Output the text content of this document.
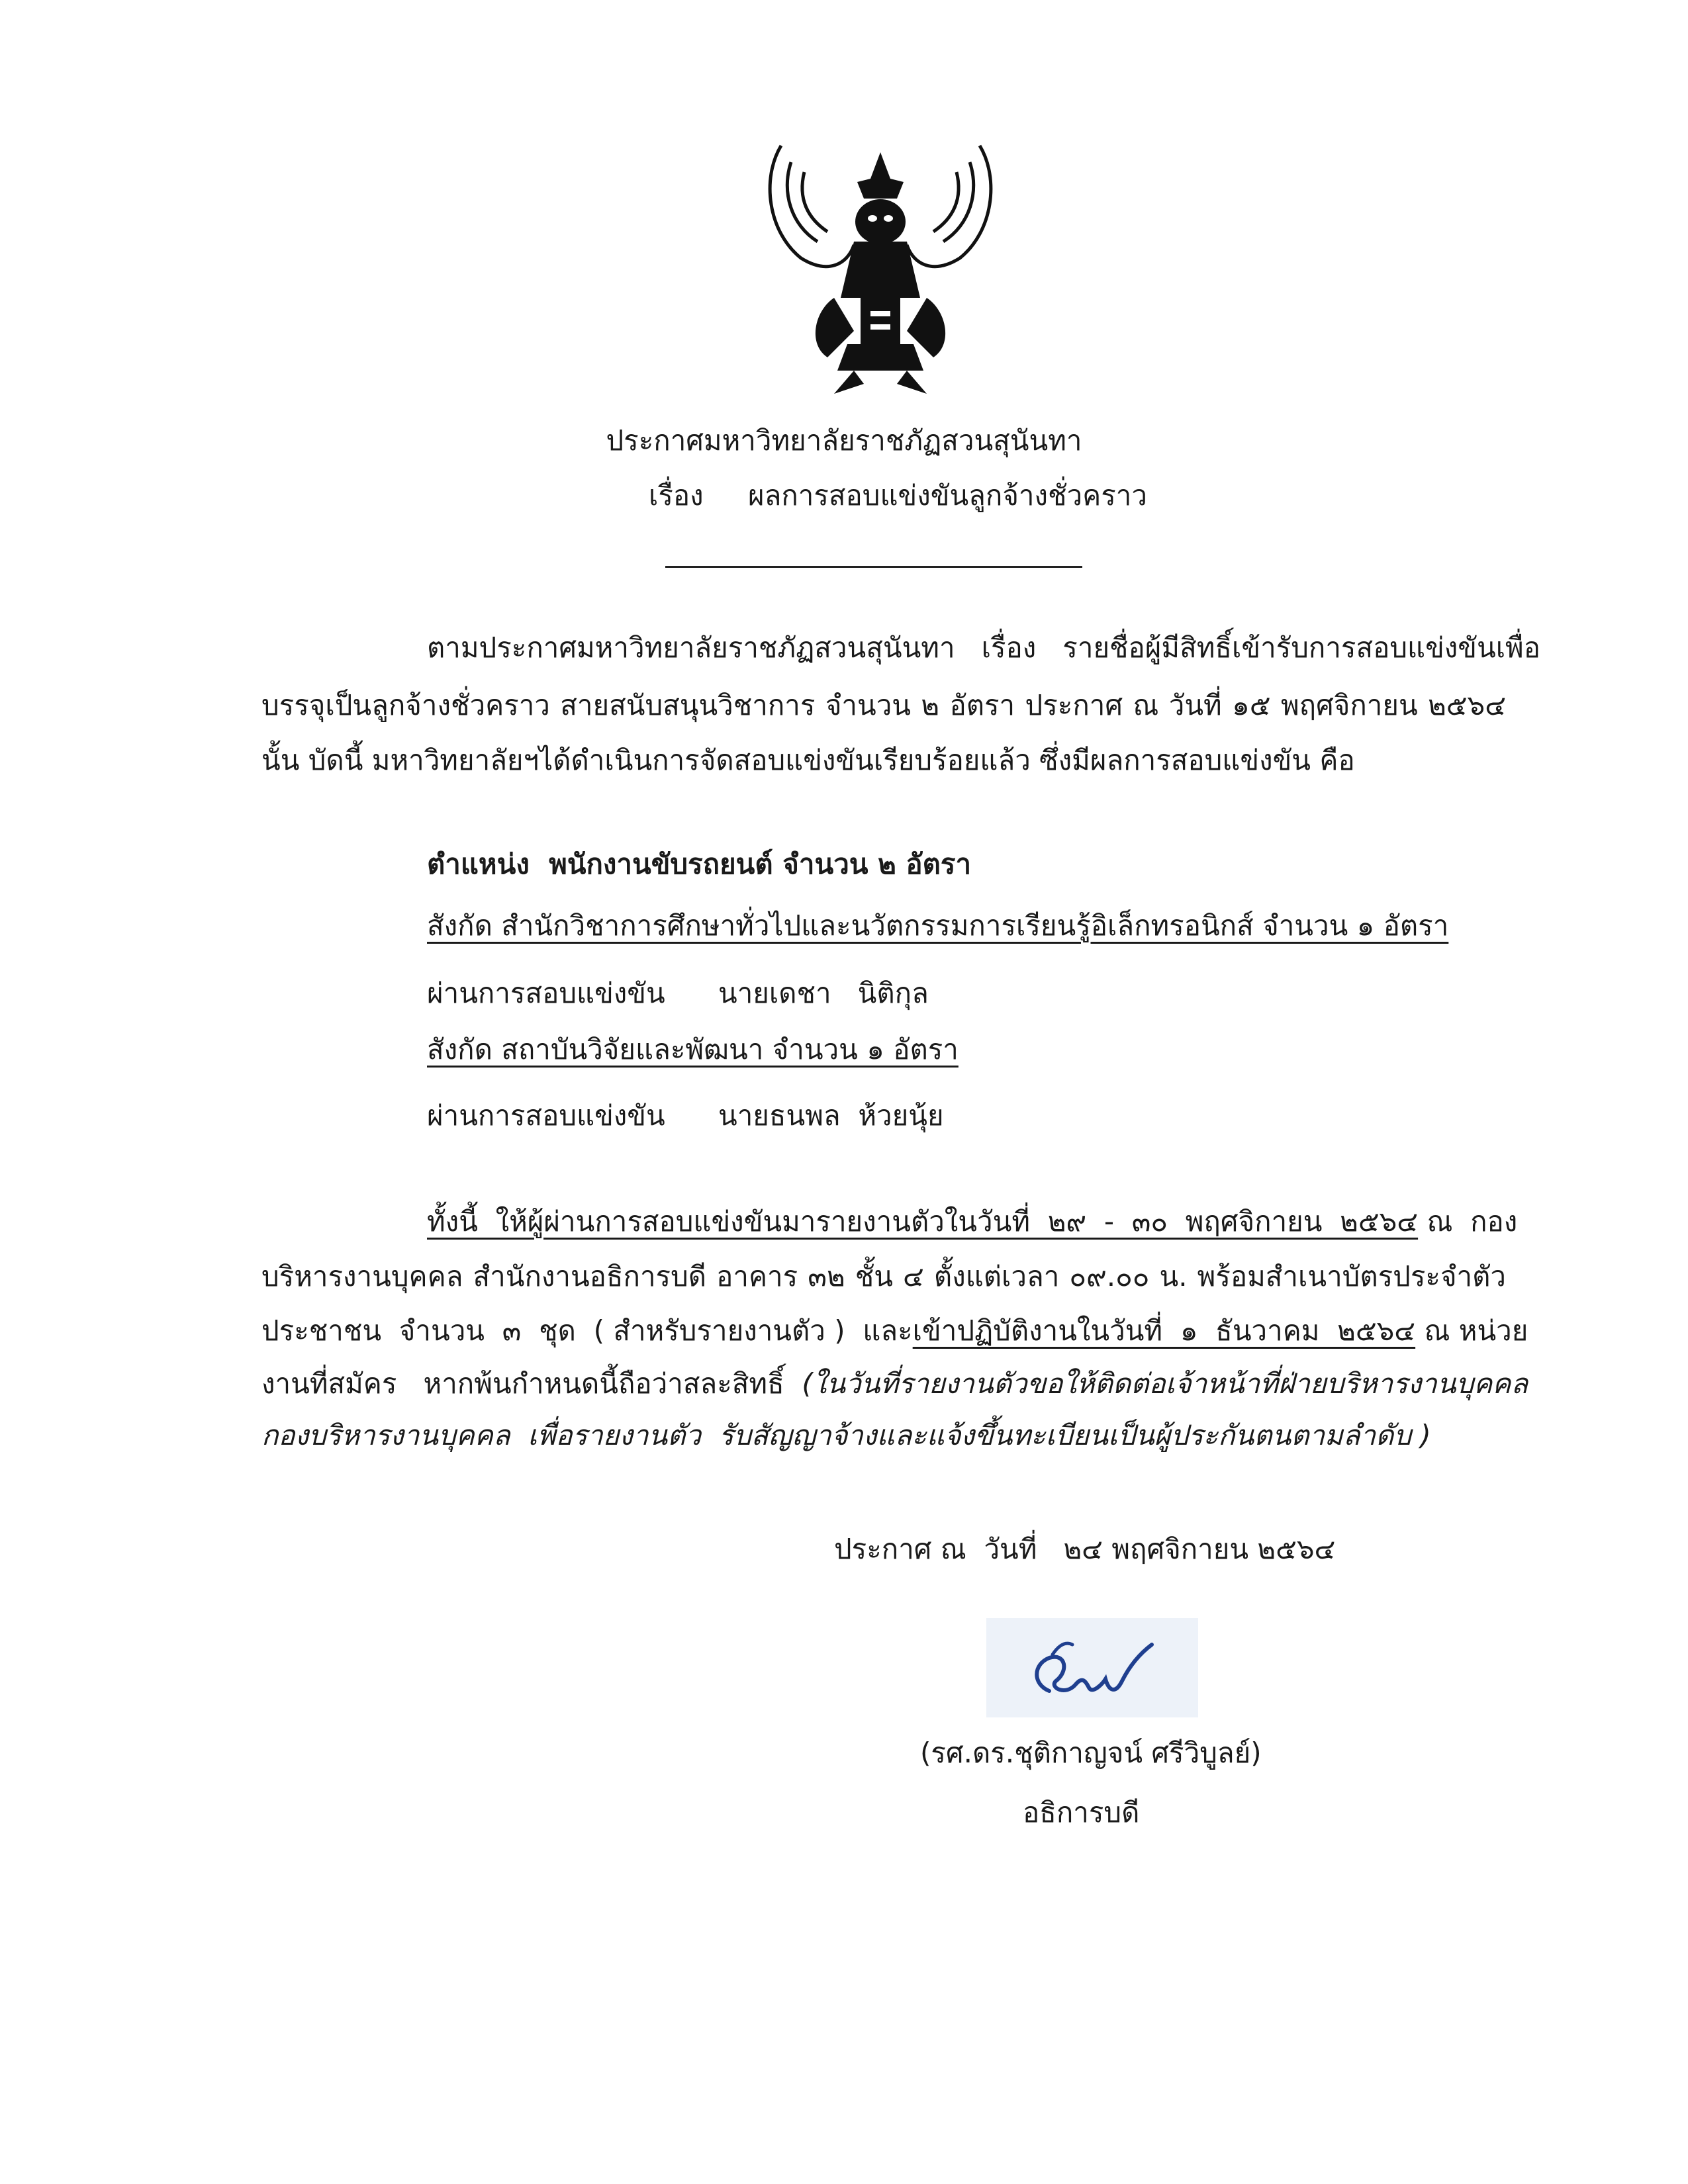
ประกาศมหาวิทยาลัยราชภัฏสวนสุนันทา
เรื่อง ผลการสอบแข่งขันลูกจ้างชั่วคราว
ตามประกาศมหาวิทยาลัยราชภัฏสวนสุนันทา   เรื่อง   รายชื่อผู้มีสิทธิ์เข้ารับการสอบแข่งขันเพื่อ
บรรจุเป็นลูกจ้างชั่วคราว สายสนับสนุนวิชาการ จำนวน ๒ อัตรา ประกาศ ณ วันที่ ๑๕ พฤศจิกายน ๒๕๖๔
นั้น บัดนี้ มหาวิทยาลัยฯได้ดำเนินการจัดสอบแข่งขันเรียบร้อยแล้ว ซึ่งมีผลการสอบแข่งขัน คือ
ตำแหน่ง  พนักงานขับรถยนต์ จำนวน ๒ อัตรา
สังกัด สำนักวิชาการศึกษาทั่วไปและนวัตกรรมการเรียนรู้อิเล็กทรอนิกส์ จำนวน ๑ อัตรา
ผ่านการสอบแข่งขัน นายเดชา   นิติกุล
สังกัด สถาบันวิจัยและพัฒนา จำนวน ๑ อัตรา
ผ่านการสอบแข่งขัน นายธนพล  ห้วยนุ้ย
ทั้งนี้  ให้ผู้ผ่านการสอบแข่งขันมารายงานตัวในวันที่  ๒๙  -  ๓๐  พฤศจิกายน  ๒๕๖๔ ณ  กอง
บริหารงานบุคคล สำนักงานอธิการบดี อาคาร ๓๒ ชั้น ๔ ตั้งแต่เวลา ๐๙.๐๐ น. พร้อมสำเนาบัตรประจำตัว
ประชาชน  จำนวน  ๓  ชุด  ( สำหรับรายงานตัว )  และ เข้าปฏิบัติงานในวันที่  ๑  ธันวาคม  ๒๕๖๔ ณ หน่วย
งานที่สมัคร   หากพ้นกำหนดนี้ถือว่าสละสิทธิ์ (ในวันที่รายงานตัวขอให้ติดต่อเจ้าหน้าที่ฝ่ายบริหารงานบุคคล
กองบริหารงานบุคคล  เพื่อรายงานตัว  รับสัญญาจ้างและแจ้งขึ้นทะเบียนเป็นผู้ประกันตนตามลำดับ )
ประกาศ ณ  วันที่   ๒๔ พฤศจิกายน ๒๕๖๔
(รศ.ดร.ชุติกาญจน์ ศรีวิบูลย์)
อธิการบดี
